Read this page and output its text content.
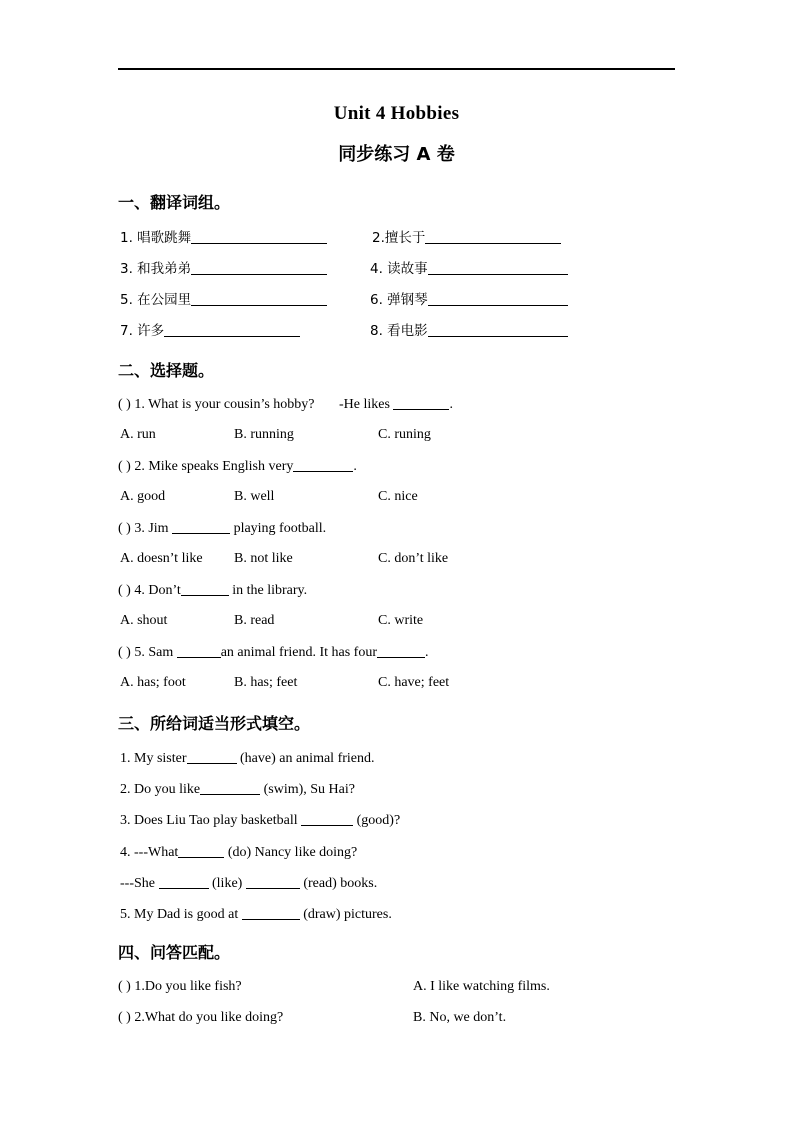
Unit 4 Hobbies
同步练习 A 卷
一、翻译词组。
1. 唱歌跳舞	2.擅长于
3. 和我弟弟	4. 读故事
5. 在公园里	6. 弹钢琴
7. 许多	8. 看电影
二、选择题。
( ) 1. What is your cousin’s hobby? -He likes	.
A. run	B. running	C. runing
( ) 2. Mike speaks English very	.
A. good	B. well	C. nice
( ) 3. Jim	playing football.
A. doesn’t like B. not like	C. don’t like
( ) 4. Don’t	in the library.
A. shout	B. read	C. write
( ) 5. Sam	an animal friend. It has four	.
A. has; foot	B. has; feet	C. have; feet
三、所给词适当形式填空。
1. My sister	(have) an animal friend.
2. Do you like	(swim), Su Hai?
3. Does Liu Tao play basketball	(good)?
4. ---What	(do) Nancy like doing?
---She	(like)	(read) books.
5. My Dad is good at	(draw) pictures.
四、问答匹配。
( ) 1.Do you like fish?	A. I like watching films.
( ) 2.What do you like doing?	B. No, we don’t.
